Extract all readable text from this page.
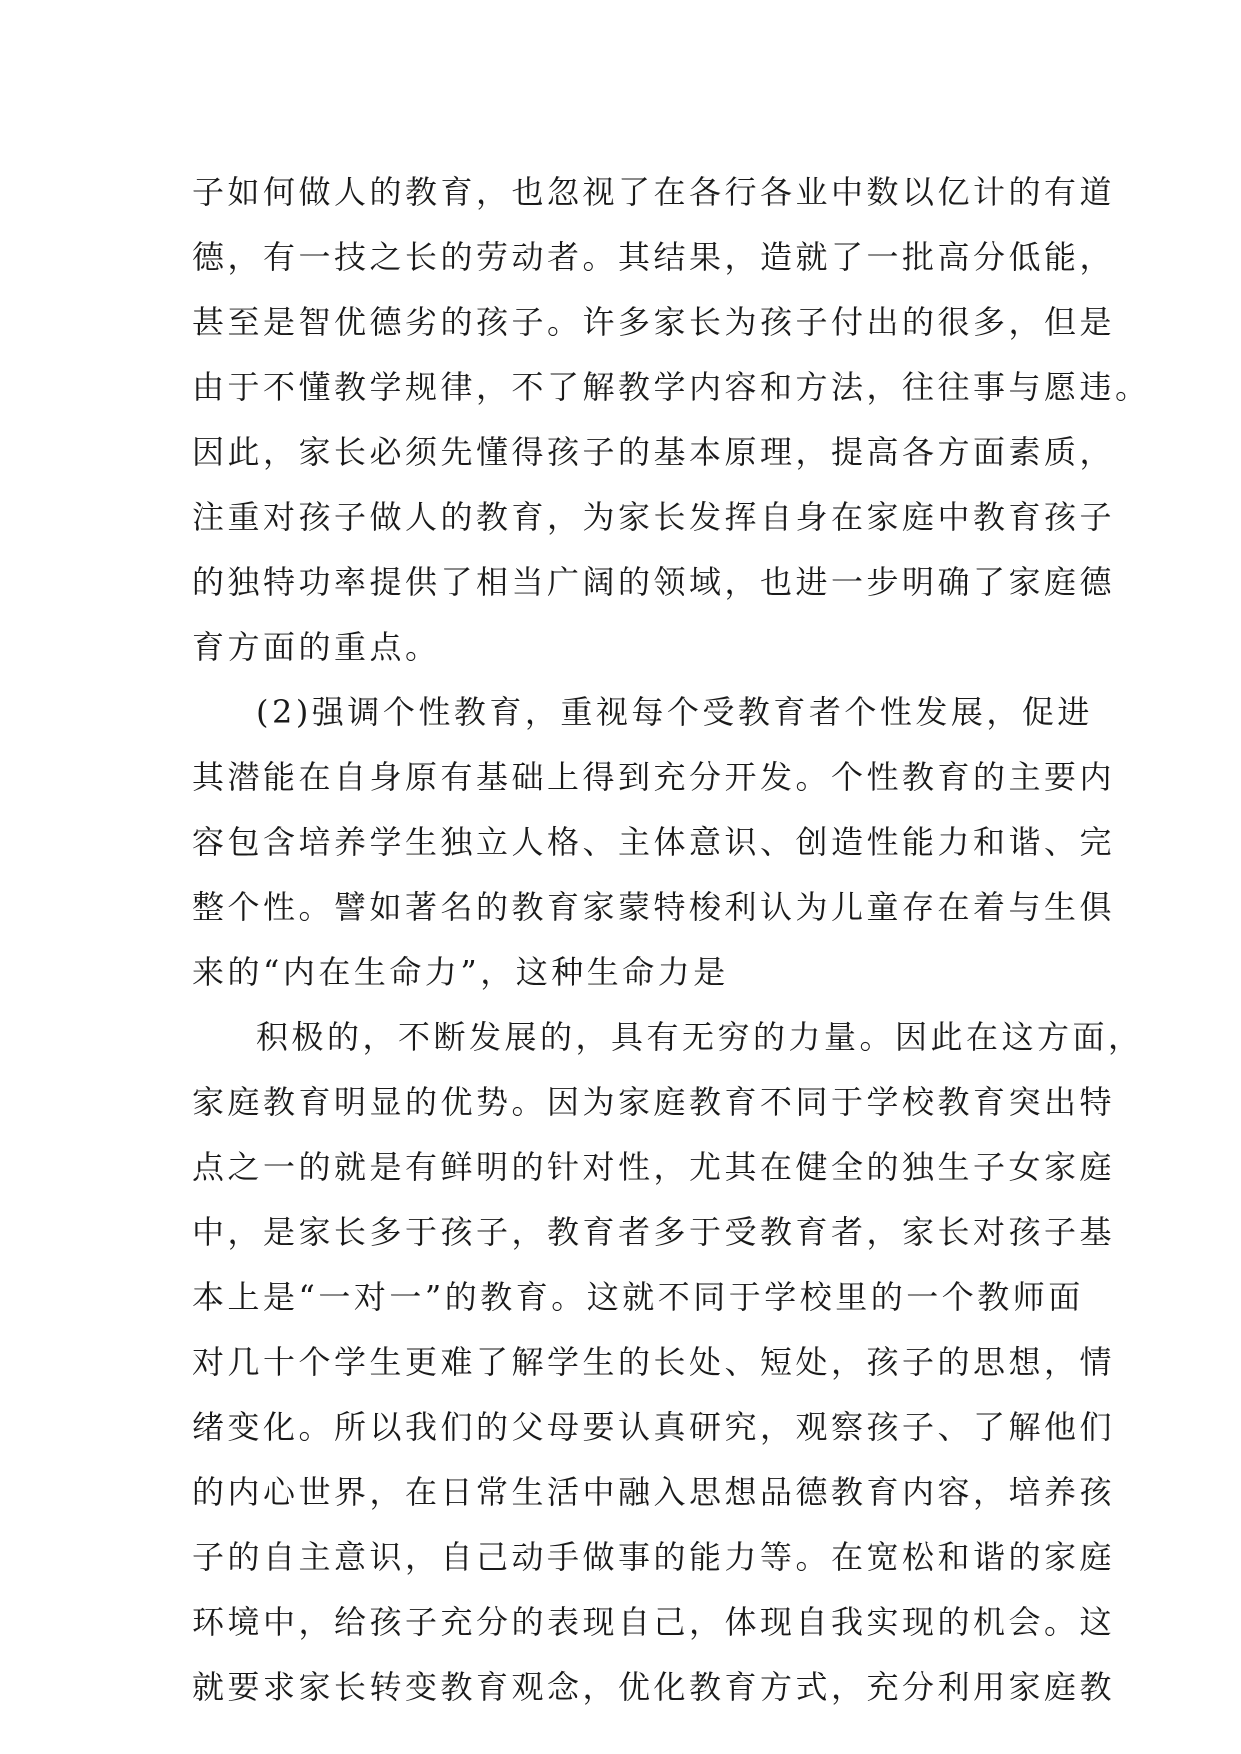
子如何做人的教育，也忽视了在各行各业中数以亿计的有道
德，有一技之长的劳动者。其结果，造就了一批高分低能，
甚至是智优德劣的孩子。许多家长为孩子付出的很多，但是
由于不懂教学规律，不了解教学内容和方法，往往事与愿违。
因此，家长必须先懂得孩子的基本原理，提高各方面素质，
注重对孩子做人的教育，为家长发挥自身在家庭中教育孩子
的独特功率提供了相当广阔的领域，也进一步明确了家庭德
育方面的重点。
(2)强调个性教育，重视每个受教育者个性发展，促进
其潜能在自身原有基础上得到充分开发。个性教育的主要内
容包含培养学生独立人格、主体意识、创造性能力和谐、完
整个性。譬如著名的教育家蒙特梭利认为儿童存在着与生俱
来的“内在生命力”，这种生命力是
积极的，不断发展的，具有无穷的力量。因此在这方面，
家庭教育明显的优势。因为家庭教育不同于学校教育突出特
点之一的就是有鲜明的针对性，尤其在健全的独生子女家庭
中，是家长多于孩子，教育者多于受教育者，家长对孩子基
本上是“一对一”的教育。这就不同于学校里的一个教师面
对几十个学生更难了解学生的长处、短处，孩子的思想，情
绪变化。所以我们的父母要认真研究，观察孩子、了解他们
的内心世界，在日常生活中融入思想品德教育内容，培养孩
子的自主意识，自己动手做事的能力等。在宽松和谐的家庭
环境中，给孩子充分的表现自己，体现自我实现的机会。这
就要求家长转变教育观念，优化教育方式，充分利用家庭教
